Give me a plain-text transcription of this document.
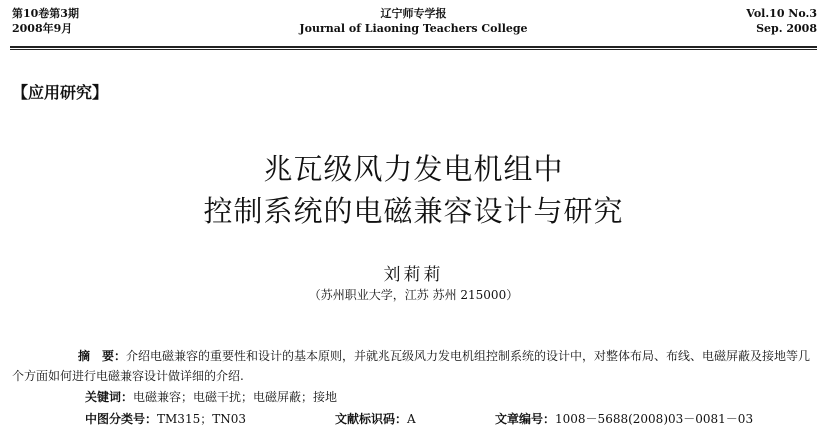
第10卷第3期
2008年9月
辽宁师专学报
Journal of Liaoning Teachers College
Vol.10 No.3
Sep. 2008
【应用研究】
兆瓦级风力发电机组中
控制系统的电磁兼容设计与研究
刘莉莉
（苏州职业大学，江苏 苏州 215000）
摘　要：介绍电磁兼容的重要性和设计的基本原则，并就兆瓦级风力发电机组控制系统的设计中，对整体布局、布线、电磁屏蔽及接地等几个方面如何进行电磁兼容设计做详细的介绍.
关键词：电磁兼容；电磁干扰；电磁屏蔽；接地
中图分类号：TM315；TN03	文献标识码：A	文章编号：1008－5688(2008)03－0081－03
